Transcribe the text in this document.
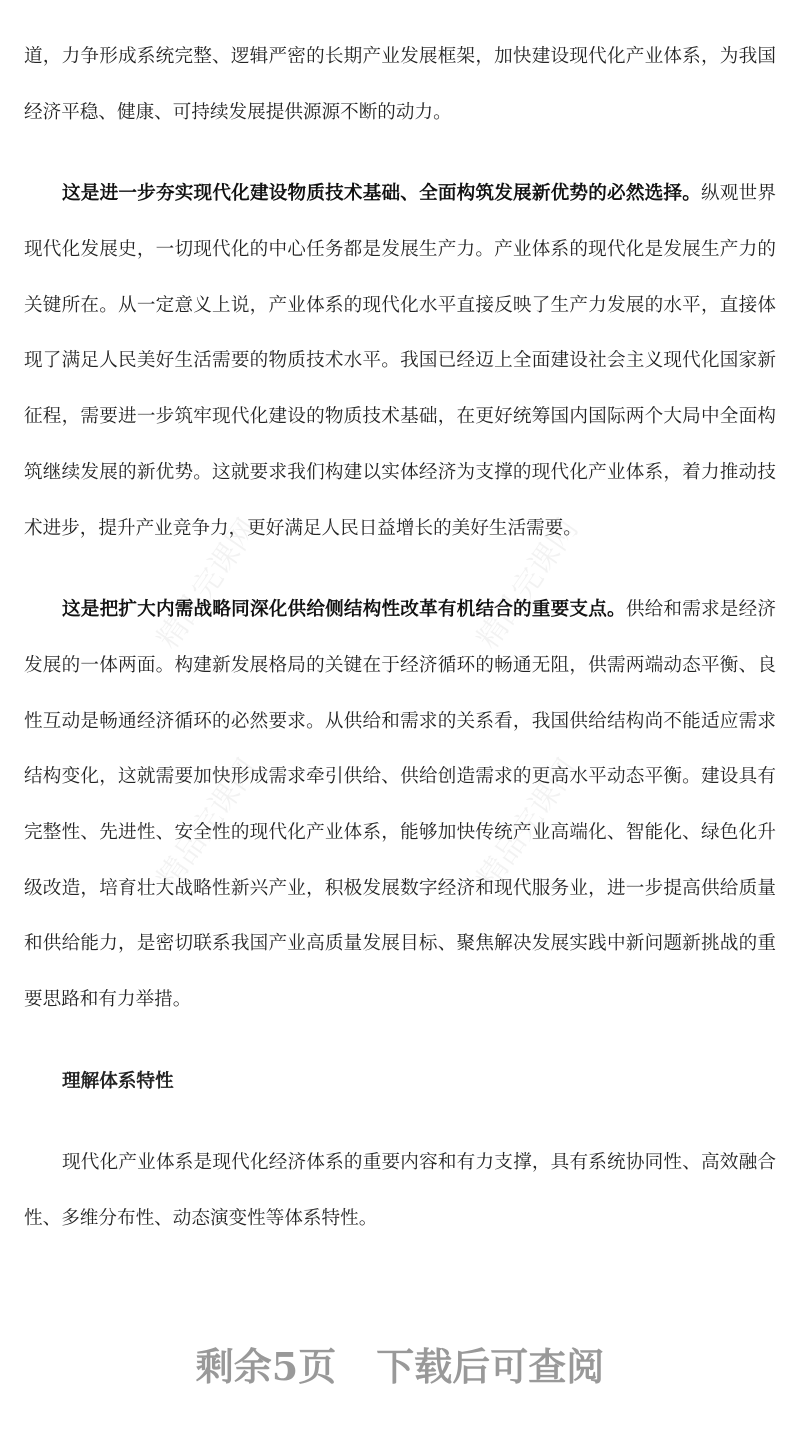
精品完课网	精品完课网
精品完课网	精品完课网
道，力争形成系统完整、逻辑严密的长期产业发展框架，加快建设现代化产业体系，为我国
经济平稳、健康、可持续发展提供源源不断的动力。
这是进一步夯实现代化建设物质技术基础、全面构筑发展新优势的必然选择。纵观世界
现代化发展史，一切现代化的中心任务都是发展生产力。产业体系的现代化是发展生产力的
关键所在。从一定意义上说，产业体系的现代化水平直接反映了生产力发展的水平，直接体
现了满足人民美好生活需要的物质技术水平。我国已经迈上全面建设社会主义现代化国家新
征程，需要进一步筑牢现代化建设的物质技术基础，在更好统筹国内国际两个大局中全面构
筑继续发展的新优势。这就要求我们构建以实体经济为支撑的现代化产业体系，着力推动技
术进步，提升产业竞争力，更好满足人民日益增长的美好生活需要。
这是把扩大内需战略同深化供给侧结构性改革有机结合的重要支点。供给和需求是经济
发展的一体两面。构建新发展格局的关键在于经济循环的畅通无阻，供需两端动态平衡、良
性互动是畅通经济循环的必然要求。从供给和需求的关系看，我国供给结构尚不能适应需求
结构变化，这就需要加快形成需求牵引供给、供给创造需求的更高水平动态平衡。建设具有
完整性、先进性、安全性的现代化产业体系，能够加快传统产业高端化、智能化、绿色化升
级改造，培育壮大战略性新兴产业，积极发展数字经济和现代服务业，进一步提高供给质量
和供给能力，是密切联系我国产业高质量发展目标、聚焦解决发展实践中新问题新挑战的重
要思路和有力举措。
理解体系特性
现代化产业体系是现代化经济体系的重要内容和有力支撑，具有系统协同性、高效融合
性、多维分布性、动态演变性等体系特性。
剩余5页 下载后可查阅
